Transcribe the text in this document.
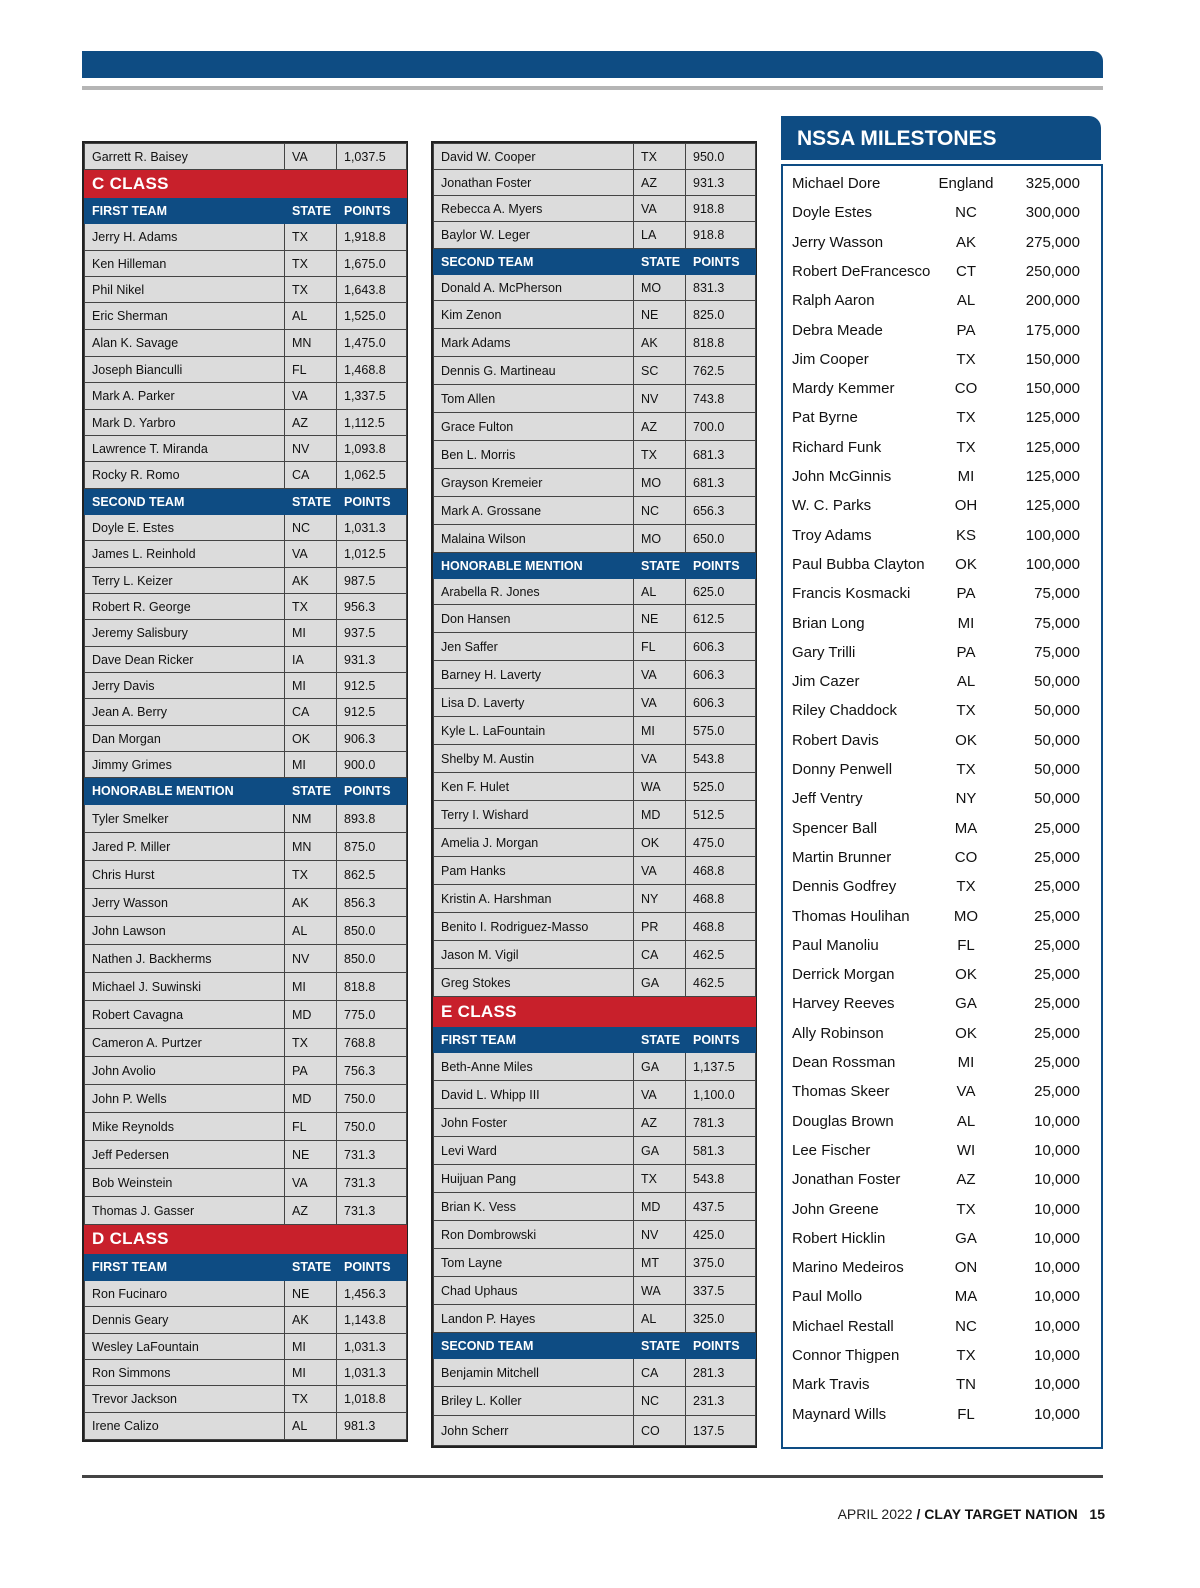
Garrett R. Baisey	VA	1,037.5
C CLASS		
FIRST TEAM	STATE	POINTS
Jerry H. Adams	TX	1,918.8
Ken Hilleman	TX	1,675.0
Phil Nikel	TX	1,643.8
Eric Sherman	AL	1,525.0
Alan K. Savage	MN	1,475.0
Joseph Bianculli	FL	1,468.8
Mark A. Parker	VA	1,337.5
Mark D. Yarbro	AZ	1,112.5
Lawrence T. Miranda	NV	1,093.8
Rocky R. Romo	CA	1,062.5
SECOND TEAM	STATE	POINTS
Doyle E. Estes	NC	1,031.3
James L. Reinhold	VA	1,012.5
Terry L. Keizer	AK	987.5
Robert R. George	TX	956.3
Jeremy Salisbury	MI	937.5
Dave Dean Ricker	IA	931.3
Jerry Davis	MI	912.5
Jean A. Berry	CA	912.5
Dan Morgan	OK	906.3
Jimmy Grimes	MI	900.0
HONORABLE MENTION	STATE	POINTS
Tyler Smelker	NM	893.8
Jared P. Miller	MN	875.0
Chris Hurst	TX	862.5
Jerry Wasson	AK	856.3
John Lawson	AL	850.0
Nathen J. Backherms	NV	850.0
Michael J. Suwinski	MI	818.8
Robert Cavagna	MD	775.0
Cameron A. Purtzer	TX	768.8
John Avolio	PA	756.3
John P. Wells	MD	750.0
Mike Reynolds	FL	750.0
Jeff Pedersen	NE	731.3
Bob Weinstein	VA	731.3
Thomas J. Gasser	AZ	731.3
D CLASS		
FIRST TEAM	STATE	POINTS
Ron Fucinaro	NE	1,456.3
Dennis Geary	AK	1,143.8
Wesley LaFountain	MI	1,031.3
Ron Simmons	MI	1,031.3
Trevor Jackson	TX	1,018.8
Irene Calizo	AL	981.3
David W. Cooper	TX	950.0
Jonathan Foster	AZ	931.3
Rebecca A. Myers	VA	918.8
Baylor W. Leger	LA	918.8
SECOND TEAM	STATE	POINTS
Donald A. McPherson	MO	831.3
Kim Zenon	NE	825.0
Mark Adams	AK	818.8
Dennis G. Martineau	SC	762.5
Tom Allen	NV	743.8
Grace Fulton	AZ	700.0
Ben L. Morris	TX	681.3
Grayson Kremeier	MO	681.3
Mark A. Grossane	NC	656.3
Malaina Wilson	MO	650.0
HONORABLE MENTION	STATE	POINTS
Arabella R. Jones	AL	625.0
Don Hansen	NE	612.5
Jen Saffer	FL	606.3
Barney H. Laverty	VA	606.3
Lisa D. Laverty	VA	606.3
Kyle L. LaFountain	MI	575.0
Shelby M. Austin	VA	543.8
Ken F. Hulet	WA	525.0
Terry I. Wishard	MD	512.5
Amelia J. Morgan	OK	475.0
Pam Hanks	VA	468.8
Kristin A. Harshman	NY	468.8
Benito I. Rodriguez-Masso	PR	468.8
Jason M. Vigil	CA	462.5
Greg Stokes	GA	462.5
E CLASS		
FIRST TEAM	STATE	POINTS
Beth-Anne Miles	GA	1,137.5
David L. Whipp III	VA	1,100.0
John Foster	AZ	781.3
Levi Ward	GA	581.3
Huijuan Pang	TX	543.8
Brian K. Vess	MD	437.5
Ron Dombrowski	NV	425.0
Tom Layne	MT	375.0
Chad Uphaus	WA	337.5
Landon P. Hayes	AL	325.0
SECOND TEAM	STATE	POINTS
Benjamin Mitchell	CA	281.3
Briley L. Koller	NC	231.3
John Scherr	CO	137.5
NSSA MILESTONES
Michael Dore	England	325,000
Doyle Estes	NC	300,000
Jerry Wasson	AK	275,000
Robert DeFrancesco	CT	250,000
Ralph Aaron	AL	200,000
Debra Meade	PA	175,000
Jim Cooper	TX	150,000
Mardy Kemmer	CO	150,000
Pat Byrne	TX	125,000
Richard Funk	TX	125,000
John McGinnis	MI	125,000
W. C. Parks	OH	125,000
Troy Adams	KS	100,000
Paul Bubba Clayton	OK	100,000
Francis Kosmacki	PA	75,000
Brian Long	MI	75,000
Gary Trilli	PA	75,000
Jim Cazer	AL	50,000
Riley Chaddock	TX	50,000
Robert Davis	OK	50,000
Donny Penwell	TX	50,000
Jeff Ventry	NY	50,000
Spencer Ball	MA	25,000
Martin Brunner	CO	25,000
Dennis Godfrey	TX	25,000
Thomas Houlihan	MO	25,000
Paul Manoliu	FL	25,000
Derrick Morgan	OK	25,000
Harvey Reeves	GA	25,000
Ally Robinson	OK	25,000
Dean Rossman	MI	25,000
Thomas Skeer	VA	25,000
Douglas Brown	AL	10,000
Lee Fischer	WI	10,000
Jonathan Foster	AZ	10,000
John Greene	TX	10,000
Robert Hicklin	GA	10,000
Marino Medeiros	ON	10,000
Paul Mollo	MA	10,000
Michael Restall	NC	10,000
Connor Thigpen	TX	10,000
Mark Travis	TN	10,000
Maynard Wills	FL	10,000
APRIL 2022 / CLAY TARGET NATION 15
